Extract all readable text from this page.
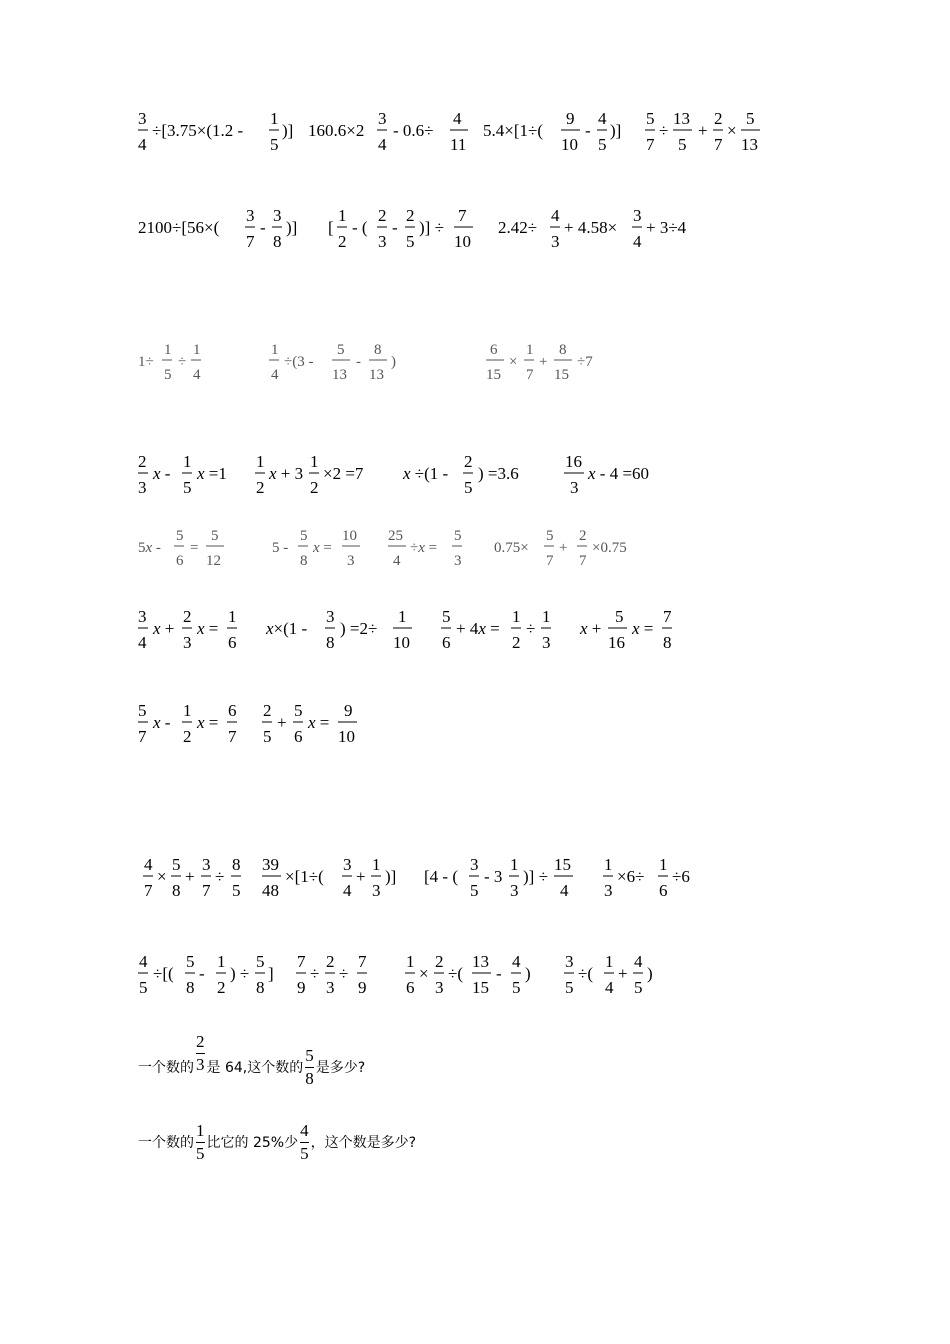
3
4
÷[3.75×(1.2 -
1
5
)] 160.6×2
3
4
- 0.6÷
4
11
5.4×[1÷(
9
10
-
4
5
)]
5
7
÷
13
5
+
2
7
×
5
13
2100÷[56×(
3
7
-
3
8
)] [
1
2
- (
2
3
-
2
5
)] ÷
7
10
2.42÷
4
3
+ 4.58×
3
4
+ 3÷4
1÷
1
5
÷
1
4
1
4
÷(3 -
5
13
-
8
13
)
6
15
×
1
7
+
8
15
÷7
2
3
x -
1
5
x =1
1
2
x + 3
1
2
×2 =7 x ÷(1 -
2
5
) =3.6
16
3
x - 4 =60
5x -
5
6
=
5
12
5 -
5
8
x =
10
3
25
4
÷x =
5
3
0.75×
5
7
+
2
7
×0.75
3
4
x +
2
3
x =
1
6
x×(1 -
3
8
) =2÷
1
10
5
6
+ 4x =
1
2
÷
1
3
x +
5
16
x =
7
8
5
7
x -
1
2
x =
6
7
2
5
+
5
6
x =
9
10
4
7
×
5
8
+
3
7
÷
8
5
39
48
×[1÷(
3
4
+
1
3
)] [4 - (
3
5
- 3
1
3
)] ÷
15
4
1
3
×6÷
1
6
÷6
4
5
÷[(
5
8
-
1
2
) ÷
5
8
]
7
9
÷
2
3
÷
7
9
1
6
×
2
3
÷(
13
15
-
4
5
)
3
5
÷(
1
4
+
4
5
)
一个数的 $\frac{2}{3}$ 是 64,这个数的 $\frac{5}{8}$ 是多少?
一个数的 $\frac{1}{5}$ 比它的 25%少 $\frac{4}{5}$ ，这个数是多少?
